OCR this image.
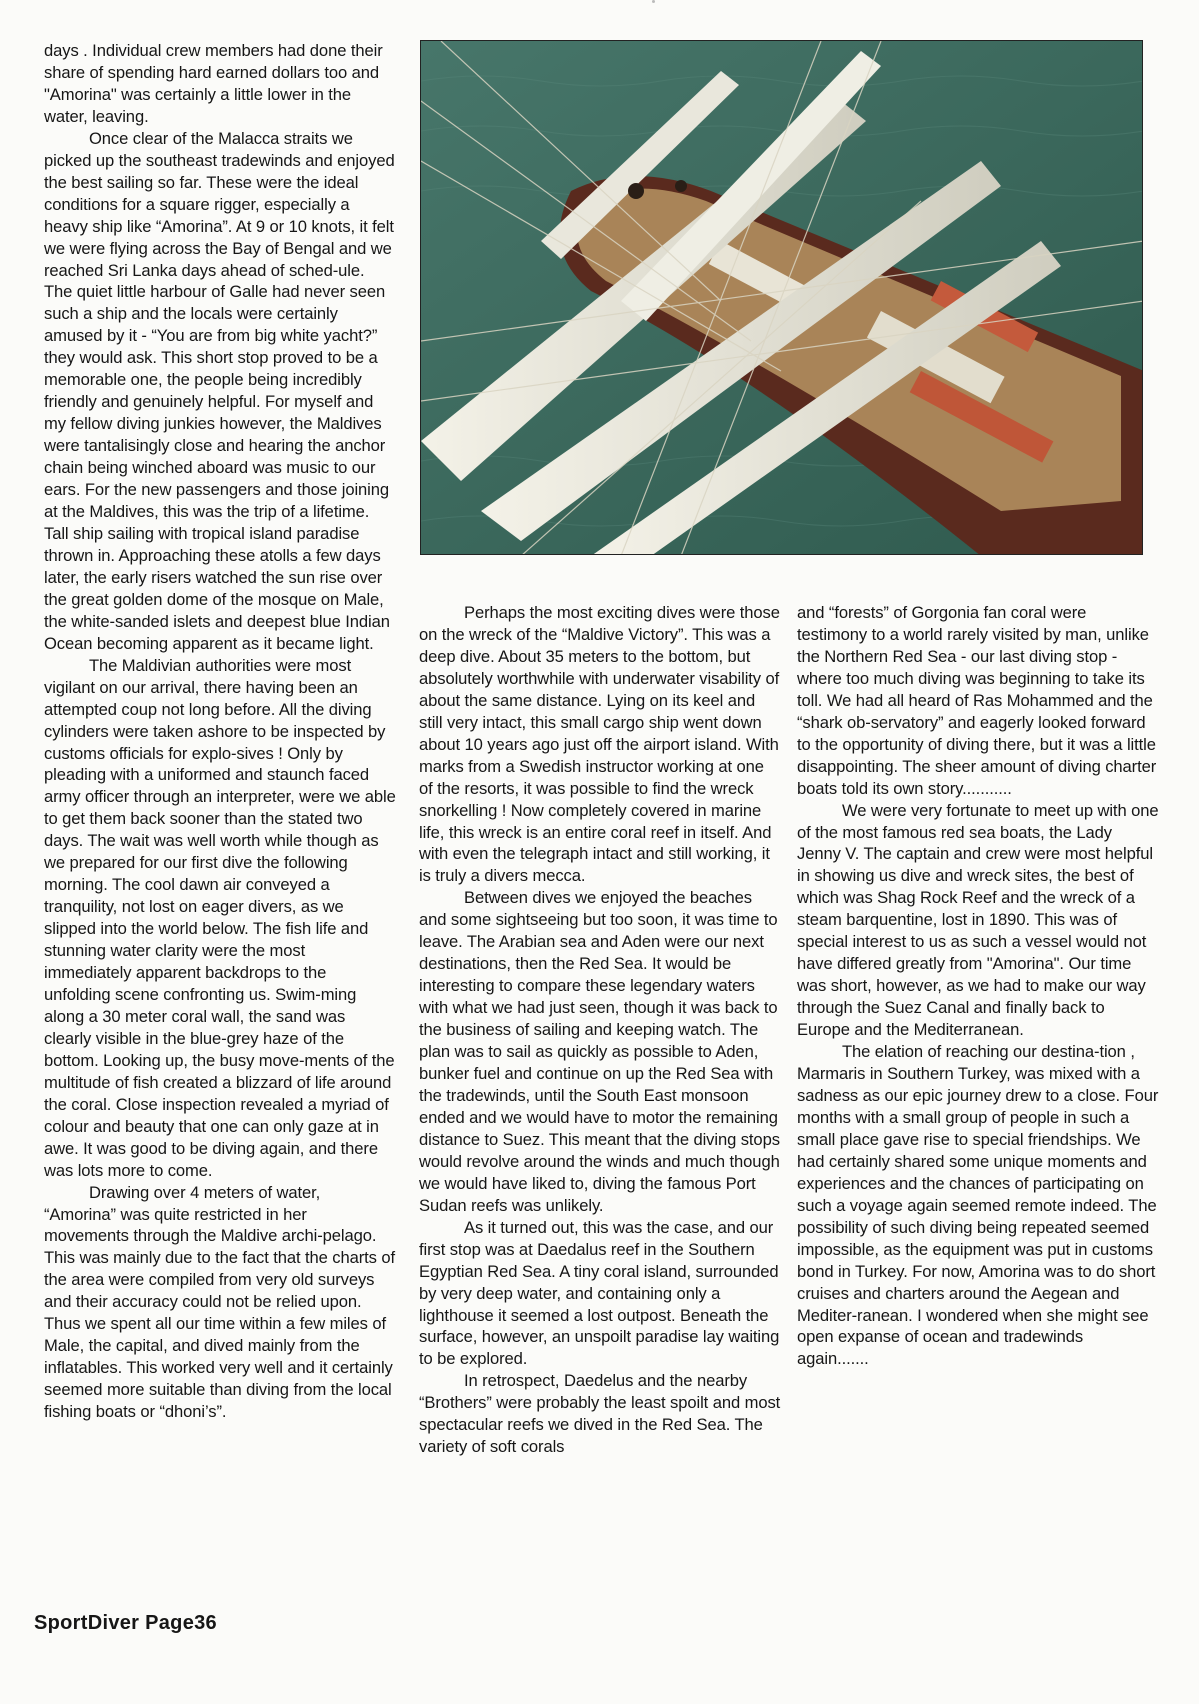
days . Individual crew members had done their share of spending hard earned dollars too and "Amorina" was certainly a little lower in the water, leaving.

Once clear of the Malacca straits we picked up the southeast tradewinds and enjoyed the best sailing so far. These were the ideal conditions for a square rigger, especially a heavy ship like “Amorina”. At 9 or 10 knots, it felt we were flying across the Bay of Bengal and we reached Sri Lanka days ahead of sched-ule. The quiet little harbour of Galle had never seen such a ship and the locals were certainly amused by it - “You are from big white yacht?” they would ask. This short stop proved to be a memorable one, the people being incredibly friendly and genuinely helpful. For myself and my fellow diving junkies however, the Maldives were tantalisingly close and hearing the anchor chain being winched aboard was music to our ears. For the new passengers and those joining at the Maldives, this was the trip of a lifetime. Tall ship sailing with tropical island paradise thrown in. Approaching these atolls a few days later, the early risers watched the sun rise over the great golden dome of the mosque on Male, the white-sanded islets and deepest blue Indian Ocean becoming apparent as it became light.

The Maldivian authorities were most vigilant on our arrival, there having been an attempted coup not long before. All the diving cylinders were taken ashore to be inspected by customs officials for explo-sives ! Only by pleading with a uniformed and staunch faced army officer through an interpreter, were we able to get them back sooner than the stated two days. The wait was well worth while though as we prepared for our first dive the following morning. The cool dawn air conveyed a tranquility, not lost on eager divers, as we slipped into the world below. The fish life and stunning water clarity were the most immediately apparent backdrops to the unfolding scene confronting us. Swim-ming along a 30 meter coral wall, the sand was clearly visible in the blue-grey haze of the bottom. Looking up, the busy move-ments of the multitude of fish created a blizzard of life around the coral. Close inspection revealed a myriad of colour and beauty that one can only gaze at in awe. It was good to be diving again, and there was lots more to come.

Drawing over 4 meters of water, “Amorina” was quite restricted in her movements through the Maldive archi-pelago. This was mainly due to the fact that the charts of the area were compiled from very old surveys and their accuracy could not be relied upon. Thus we spent all our time within a few miles of Male, the capital, and dived mainly from the inflatables. This worked very well and it certainly seemed more suitable than diving from the local fishing boats or “dhoni’s”.

Perhaps the most exciting dives were those on the wreck of the “Maldive Victory”. This was a deep dive. About 35 meters to the bottom, but absolutely worthwhile with underwater visability of about the same distance. Lying on its keel and still very intact, this small cargo ship went down about 10 years ago just off the airport island. With marks from a Swedish instructor working at one of the resorts, it was possible to find the wreck snorkelling ! Now completely covered in marine life, this wreck is an entire coral reef in itself. And with even the telegraph intact and still working, it is truly a divers mecca.

Between dives we enjoyed the beaches and some sightseeing but too soon, it was time to leave. The Arabian sea and Aden were our next destinations, then the Red Sea. It would be interesting to compare these legendary waters with what we had just seen, though it was back to the business of sailing and keeping watch. The plan was to sail as quickly as possible to Aden, bunker fuel and continue on up the Red Sea with the tradewinds, until the South East monsoon ended and we would have to motor the remaining distance to Suez. This meant that the diving stops would revolve around the winds and much though we would have liked to, diving the famous Port Sudan reefs was unlikely.

As it turned out, this was the case, and our first stop was at Daedalus reef in the Southern Egyptian Red Sea. A tiny coral island, surrounded by very deep water, and containing only a lighthouse it seemed a lost outpost. Beneath the surface, however, an unspoilt paradise lay waiting to be explored.

In retrospect, Daedelus and the nearby “Brothers” were probably the least spoilt and most spectacular reefs we dived in the Red Sea. The variety of soft corals

and “forests” of Gorgonia fan coral were testimony to a world rarely visited by man, unlike the Northern Red Sea - our last diving stop - where too much diving was beginning to take its toll. We had all heard of Ras Mohammed and the “shark ob-servatory” and eagerly looked forward to the opportunity of diving there, but it was a little disappointing. The sheer amount of diving charter boats told its own story...........

We were very fortunate to meet up with one of the most famous red sea boats, the Lady Jenny V. The captain and crew were most helpful in showing us dive and wreck sites, the best of which was Shag Rock Reef and the wreck of a steam barquentine, lost in 1890. This was of special interest to us as such a vessel would not have differed greatly from "Amorina". Our time was short, however, as we had to make our way through the Suez Canal and finally back to Europe and the Mediterranean.

The elation of reaching our destina-tion , Marmaris in Southern Turkey, was mixed with a sadness as our epic journey drew to a close. Four months with a small group of people in such a small place gave rise to special friendships. We had certainly shared some unique moments and experiences and the chances of participating on such a voyage again seemed remote indeed. The possibility of such diving being repeated seemed impossible, as the equipment was put in customs bond in Turkey. For now, Amorina was to do short cruises and charters around the Aegean and Mediter-ranean. I wondered when she might see open expanse of ocean and tradewinds again.......

SportDiver Page36
